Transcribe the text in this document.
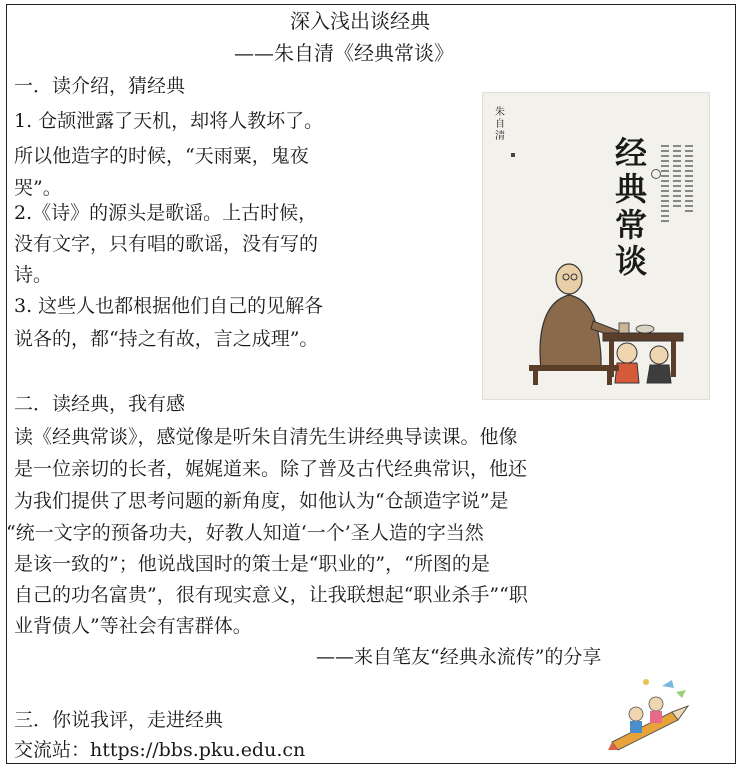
深入浅出谈经典
——朱自清《经典常谈》
一．读介绍，猜经典
1. 仓颉泄露了天机，却将人教坏了。
所以他造字的时候，“天雨粟，鬼夜
哭”。
2.《诗》的源头是歌谣。上古时候，
没有文字，只有唱的歌谣，没有写的
诗。
3. 这些人也都根据他们自己的见解各
说各的，都“持之有故，言之成理”。
朱自清	经典常谈
二．读经典，我有感
读《经典常谈》，感觉像是听朱自清先生讲经典导读课。他像
是一位亲切的长者，娓娓道来。除了普及古代经典常识，他还
为我们提供了思考问题的新角度，如他认为“仓颉造字说”是
“统一文字的预备功夫，好教人知道‘一个’圣人造的字当然
是该一致的”；他说战国时的策士是“职业的”，“所图的是
自己的功名富贵”，很有现实意义，让我联想起“职业杀手”“职
业背债人”等社会有害群体。
——来自笔友“经典永流传”的分享
三．你说我评，走进经典
交流站：https://bbs.pku.edu.cn
